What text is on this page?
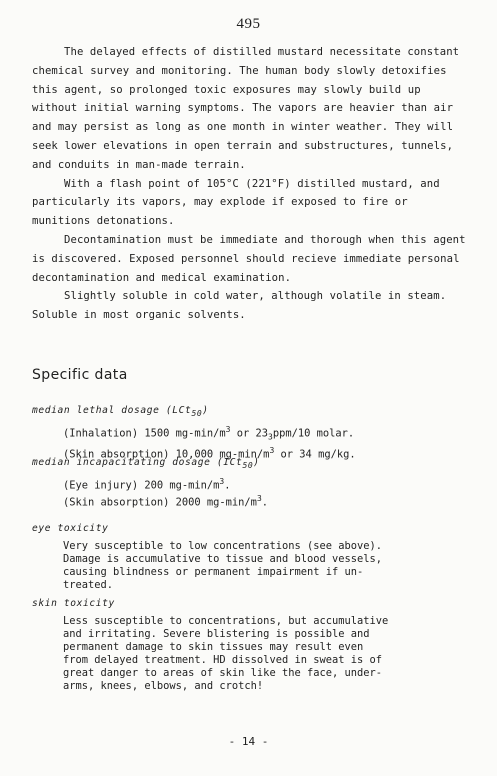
495

The delayed effects of distilled mustard necessitate constant chemical survey and monitoring. The human body slowly detoxifies this agent, so prolonged toxic exposures may slowly build up without initial warning symptoms. The vapors are heavier than air and may persist as long as one month in winter weather. They will seek lower elevations in open terrain and substructures, tunnels, and conduits in man-made terrain.

With a flash point of 105°C (221°F) distilled mustard, and particularly its vapors, may explode if exposed to fire or munitions detonations.

Decontamination must be immediate and thorough when this agent is discovered. Exposed personnel should recieve immediate personal decontamination and medical examination.

Slightly soluble in cold water, although volatile in steam. Soluble in most organic solvents.

Specific data
median lethal dosage (LCt$_{50}$)
(Inhalation) 1500 $mg-\min/m^3$ or $23_3ppm/10$ molar.
(Skin absorption) 10,000 $mg-\min/m^3$ or 34 mg/kg.
median incapacitating dosage (ICt$_{50}$)
(Eye injury) 200 $mg-\min/m^3$.
(Skin absorption) 2000 $mg-\min/m^3$.
eye toxicity
Very susceptible to low concentrations (see above).
Damage is accumulative to tissue and blood vessels,
causing blindness or permanent impairment if un-
treated.
skin toxicity
Less susceptible to concentrations, but accumulative
and irritating. Severe blistering is possible and
permanent damage to skin tissues may result even
from delayed treatment. HD dissolved in sweat is of
great danger to areas of skin like the face, under-
arms, knees, elbows, and crotch!
- 14 -
